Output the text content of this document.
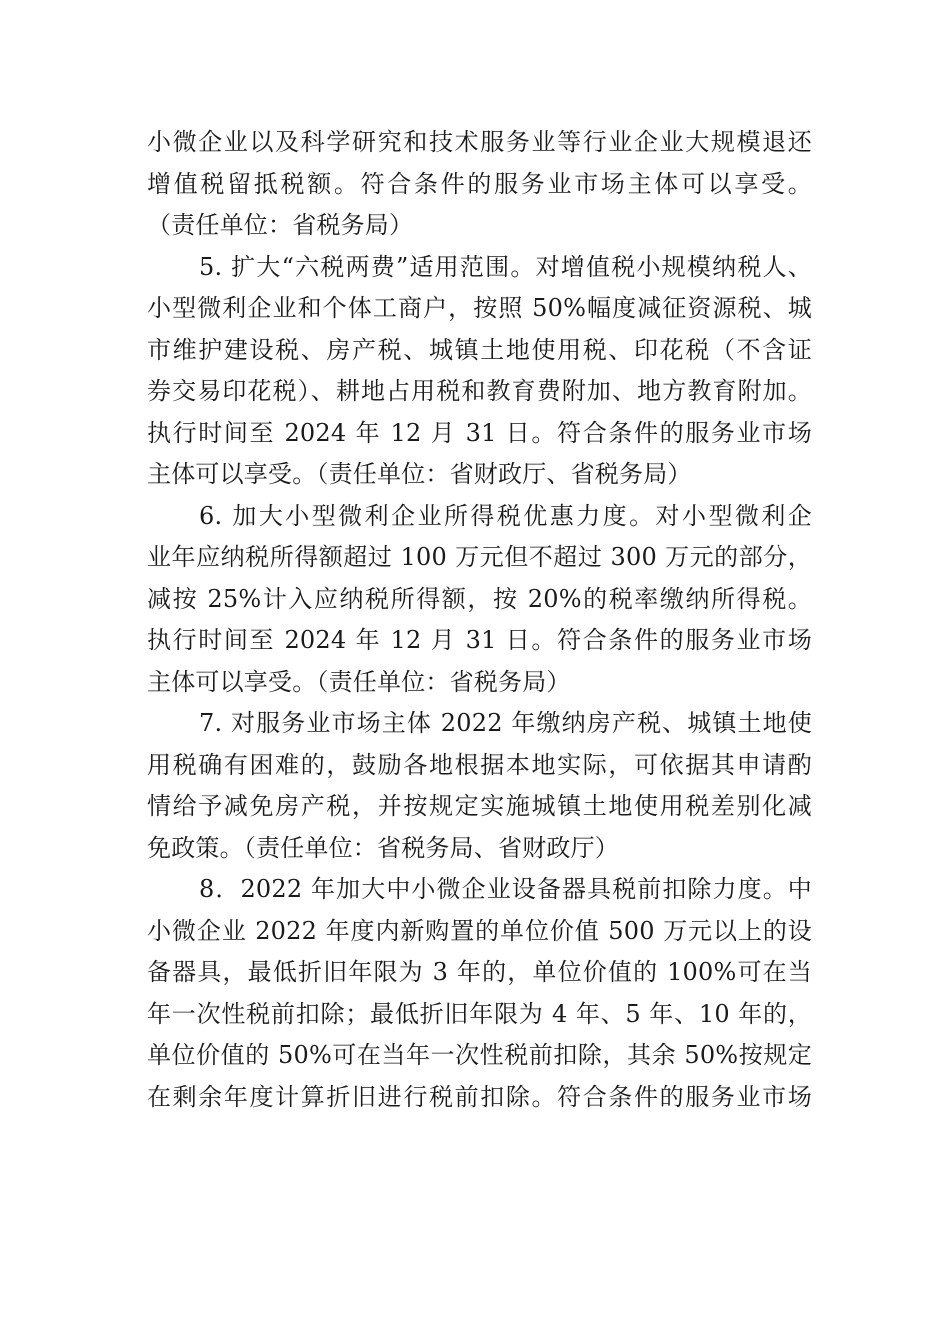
小微企业以及科学研究和技术服务业等行业企业大规模退还
增值税留抵税额。符合条件的服务业市场主体可以享受。
（责任单位：省税务局）
5. 扩大“六税两费”适用范围。对增值税小规模纳税人、
小型微利企业和个体工商户，按照 50%幅度减征资源税、城
市维护建设税、房产税、城镇土地使用税、印花税（不含证
券交易印花税）、耕地占用税和教育费附加、地方教育附加。
执行时间至 2024 年 12 月 31 日。符合条件的服务业市场
主体可以享受。（责任单位：省财政厅、省税务局）
6. 加大小型微利企业所得税优惠力度。对小型微利企
业年应纳税所得额超过 100 万元但不超过 300 万元的部分，
减按 25%计入应纳税所得额，按 20%的税率缴纳所得税。
执行时间至 2024 年 12 月 31 日。符合条件的服务业市场
主体可以享受。（责任单位：省税务局）
7. 对服务业市场主体 2022 年缴纳房产税、城镇土地使
用税确有困难的，鼓励各地根据本地实际，可依据其申请酌
情给予减免房产税，并按规定实施城镇土地使用税差别化减
免政策。（责任单位：省税务局、省财政厅）
8．2022 年加大中小微企业设备器具税前扣除力度。中
小微企业 2022 年度内新购置的单位价值 500 万元以上的设
备器具，最低折旧年限为 3 年的，单位价值的 100%可在当
年一次性税前扣除；最低折旧年限为 4 年、5 年、10 年的，
单位价值的 50%可在当年一次性税前扣除，其余 50%按规定
在剩余年度计算折旧进行税前扣除。符合条件的服务业市场
